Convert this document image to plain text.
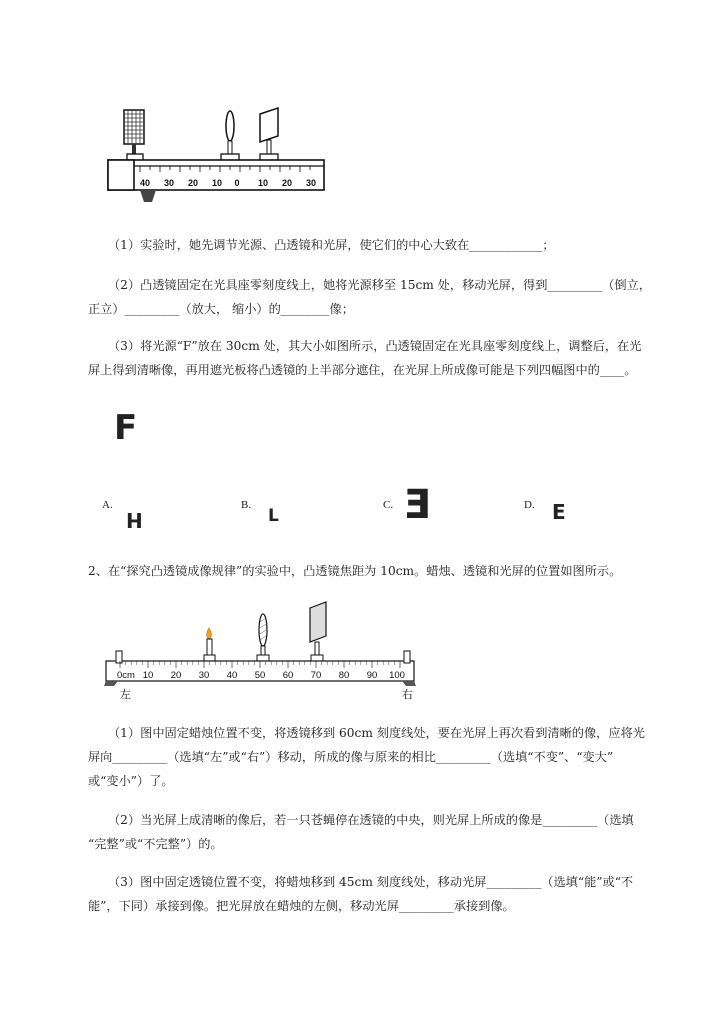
40 30 20 10 0 10 20 30
（1）实验时，她先调节光源、凸透镜和光屏，使它们的中心大致在____________；
（2）凸透镜固定在光具座零刻度线上，她将光源移至 15cm 处，移动光屏，得到_________（倒立，
正立）_________（放大， 缩小）的________像；
（3）将光源“F”放在 30cm 处，其大小如图所示，凸透镜固定在光具座零刻度线上，调整后，在光
屏上得到清晰像，再用遮光板将凸透镜的上半部分遮住，在光屏上所成像可能是下列四幅图中的____。
F
A.
H
B.
L
C. E	D. E
2、在“探究凸透镜成像规律”的实验中，凸透镜焦距为 10cm。蜡烛、透镜和光屏的位置如图所示。
0cm 10 20 30 40 50 60 70 80 90 100
左	右
（1）图中固定蜡烛位置不变，将透镜移到 60cm 刻度线处，要在光屏上再次看到清晰的像，应将光
屏向_________（选填“左”或“右”）移动，所成的像与原来的相比_________（选填“不变”、“变大”
或“变小”）了。
（2）当光屏上成清晰的像后，若一只苍蝇停在透镜的中央，则光屏上所成的像是_________（选填
“完整”或“不完整”）的。
（3）图中固定透镜位置不变，将蜡烛移到 45cm 刻度线处，移动光屏_________（选填“能”或“不
能”，下同）承接到像。把光屏放在蜡烛的左侧，移动光屏_________承接到像。
